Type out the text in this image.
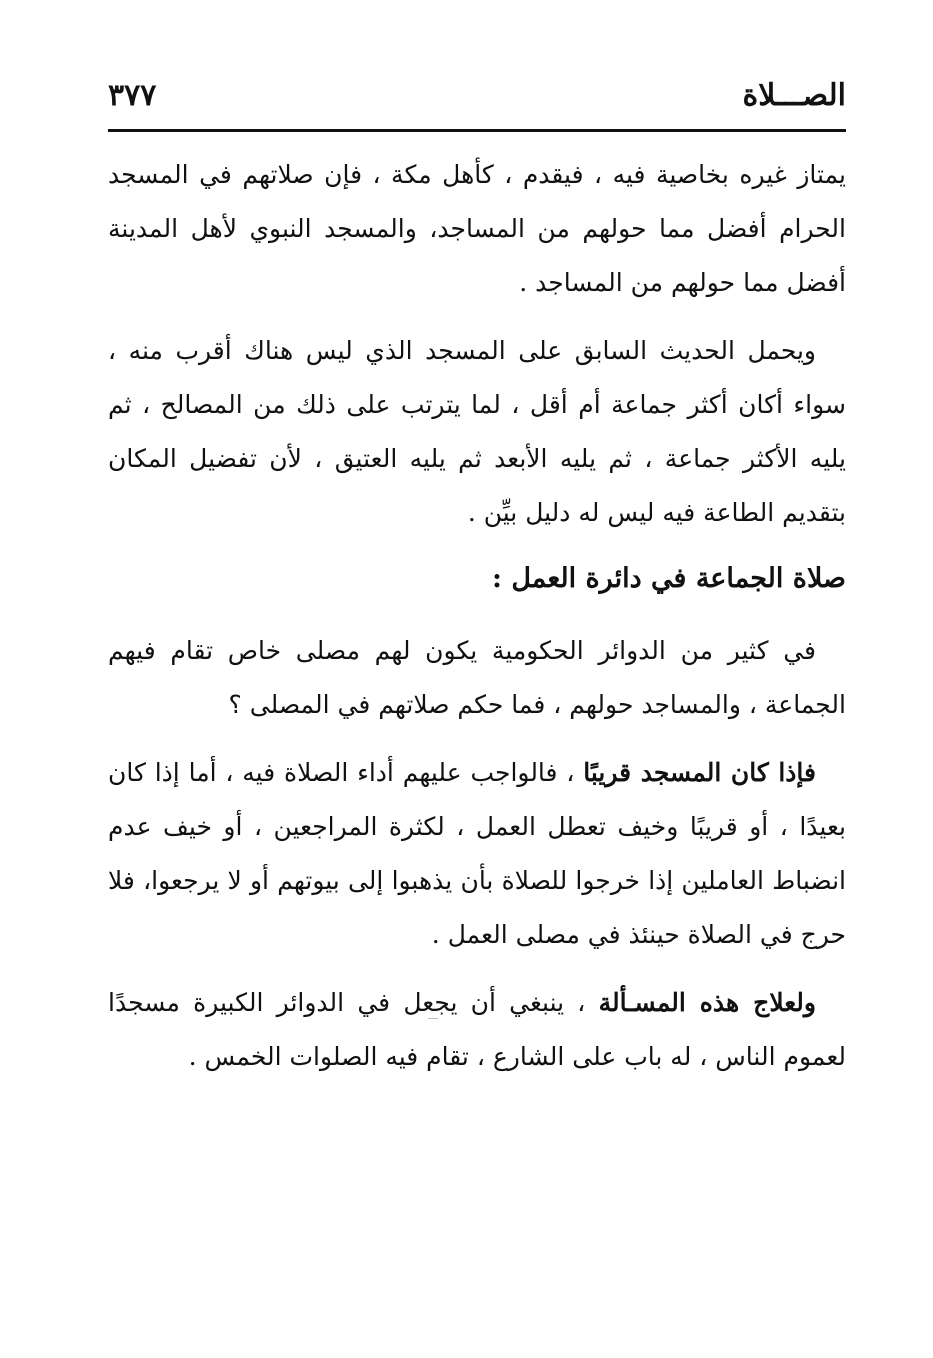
الصـــلاة
٣٧٧

يمتاز غيره بخاصية فيه ، فيقدم ، كأهل مكة ، فإن صلاتهم في المسجد الحرام أفضل مما حولهم من المساجد، والمسجد النبوي لأهل المدينة أفضل مما حولهم من المساجد .

ويحمل الحديث السابق على المسجد الذي ليس هناك أقرب منه ، سواء أكان أكثر جماعة أم أقل ، لما يترتب على ذلك من المصالح ، ثم يليه الأكثر جماعة ، ثم يليه الأبعد ثم يليه العتيق ، لأن تفضيل المكان بتقديم الطاعة فيه ليس له دليل بيِّن .

صلاة الجماعة في دائرة العمل :

في كثير من الدوائر الحكومية يكون لهم مصلى خاص تقام فيهم الجماعة ، والمساجد حولهم ، فما حكم صلاتهم في المصلى ؟

فإذا كان المسجد قريبًا ، فالواجب عليهم أداء الصلاة فيه ، أما إذا كان بعيدًا ، أو قريبًا وخيف تعطل العمل ، لكثرة المراجعين ، أو خيف عدم انضباط العاملين إذا خرجوا للصلاة بأن يذهبوا إلى بيوتهم أو لا يرجعوا، فلا حرج في الصلاة حينئذ في مصلى العمل .

ولعلاج هذه المسـألة ، ينبغي أن يجعل في الدوائر الكبيرة مسجدًا لعموم الناس ، له باب على الشارع ، تقام فيه الصلوات الخمس .
